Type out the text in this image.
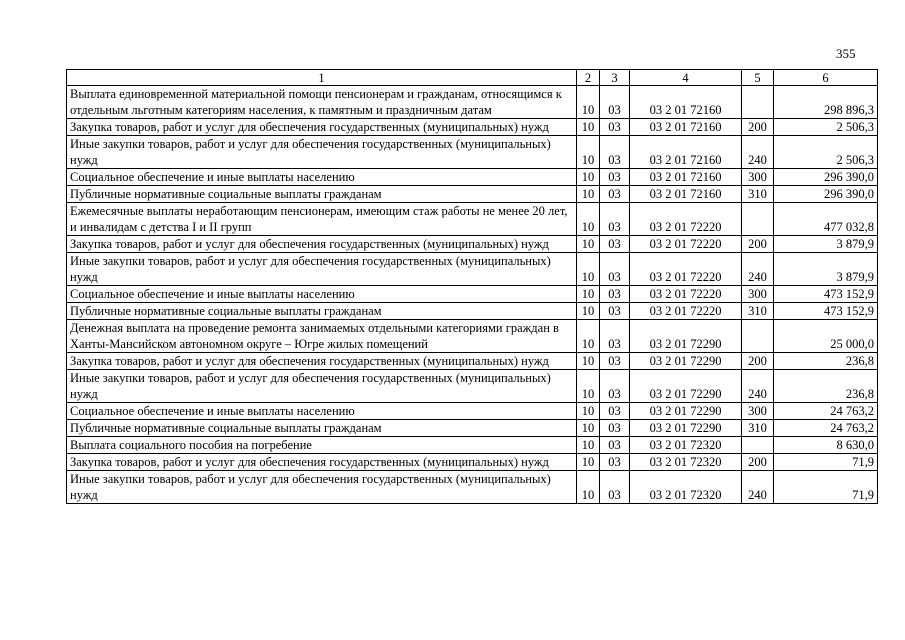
355
1	2	3	4	5	6
Выплата единовременной материальной помощи пенсионерам и гражданам, относящимся к отдельным льготным категориям населения, к памятным и праздничным датам	10	03	03 2 01 72160		298 896,3
Закупка товаров, работ и услуг для обеспечения государственных (муниципальных) нужд	10	03	03 2 01 72160	200	2 506,3
Иные закупки товаров, работ и услуг для обеспечения государственных (муниципальных) нужд	10	03	03 2 01 72160	240	2 506,3
Социальное обеспечение и иные выплаты населению	10	03	03 2 01 72160	300	296 390,0
Публичные нормативные социальные выплаты гражданам	10	03	03 2 01 72160	310	296 390,0
Ежемесячные выплаты неработающим пенсионерам, имеющим стаж работы не менее 20 лет, и инвалидам с детства I и II групп	10	03	03 2 01 72220		477 032,8
Закупка товаров, работ и услуг для обеспечения государственных (муниципальных) нужд	10	03	03 2 01 72220	200	3 879,9
Иные закупки товаров, работ и услуг для обеспечения государственных (муниципальных) нужд	10	03	03 2 01 72220	240	3 879,9
Социальное обеспечение и иные выплаты населению	10	03	03 2 01 72220	300	473 152,9
Публичные нормативные социальные выплаты гражданам	10	03	03 2 01 72220	310	473 152,9
Денежная выплата на проведение ремонта занимаемых отдельными категориями граждан в Ханты-Мансийском автономном округе – Югре жилых помещений	10	03	03 2 01 72290		25 000,0
Закупка товаров, работ и услуг для обеспечения государственных (муниципальных) нужд	10	03	03 2 01 72290	200	236,8
Иные закупки товаров, работ и услуг для обеспечения государственных (муниципальных) нужд	10	03	03 2 01 72290	240	236,8
Социальное обеспечение и иные выплаты населению	10	03	03 2 01 72290	300	24 763,2
Публичные нормативные социальные выплаты гражданам	10	03	03 2 01 72290	310	24 763,2
Выплата социального пособия на погребение	10	03	03 2 01 72320		8 630,0
Закупка товаров, работ и услуг для обеспечения государственных (муниципальных) нужд	10	03	03 2 01 72320	200	71,9
Иные закупки товаров, работ и услуг для обеспечения государственных (муниципальных) нужд	10	03	03 2 01 72320	240	71,9
